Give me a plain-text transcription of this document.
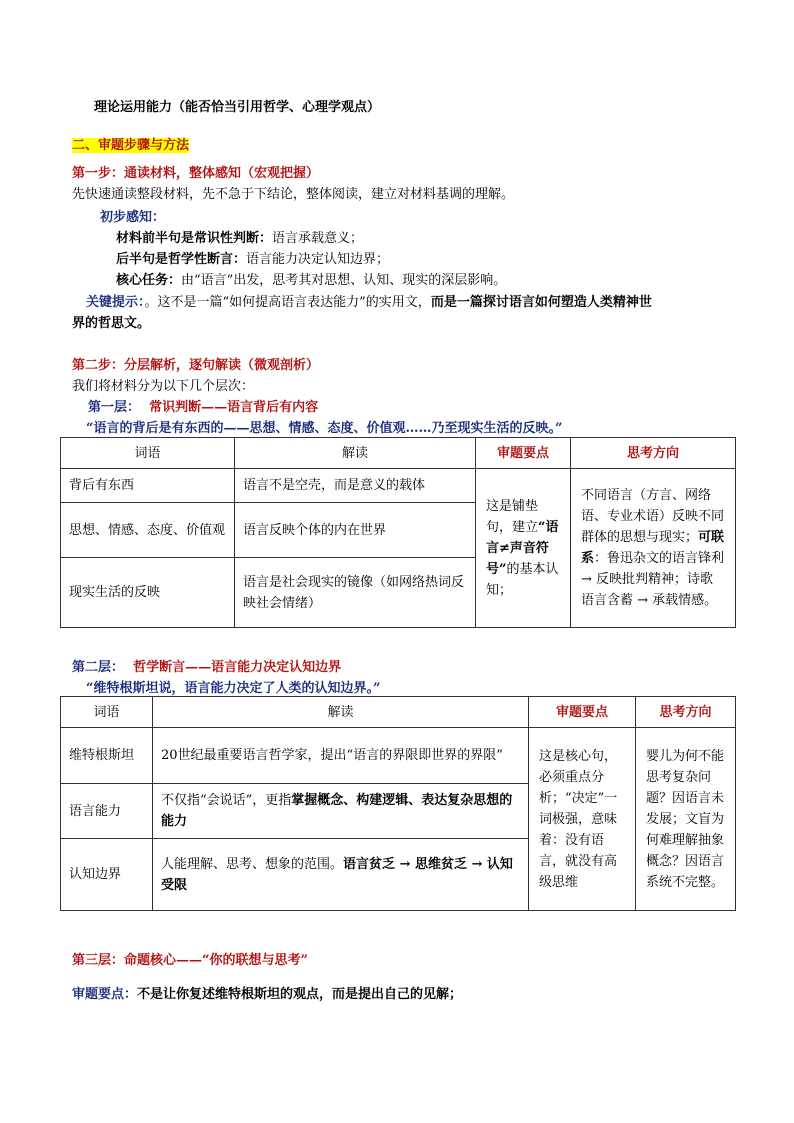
理论运用能力（能否恰当引用哲学、心理学观点）
二、审题步骤与方法
第一步：通读材料，整体感知（宏观把握）
先快速通读整段材料，先不急于下结论，整体阅读，建立对材料基调的理解。
初步感知：
材料前半句是常识性判断：语言承载意义；
后半句是哲学性断言：语言能力决定认知边界；
核心任务：由“语言”出发，思考其对思想、认知、现实的深层影响。
关键提示：。这不是一篇“如何提高语言表达能力”的实用文，而是一篇探讨语言如何塑造人类精神世
界的哲思文。
第二步：分层解析，逐句解读（微观剖析）
我们将材料分为以下几个层次：
第一层： 常识判断——语言背后有内容
“语言的背后是有东西的——思想、情感、态度、价值观……乃至现实生活的反映。”
词语	解读	审题要点	思考方向
背后有东西	语言不是空壳，而是意义的载体	这是铺垫句，建立“语言≠声音符号”的基本认知；	不同语言（方言、网络语、专业术语）反映不同群体的思想与现实；可联系：鲁迅杂文的语言锋利 → 反映批判精神；诗歌语言含蓄 → 承载情感。
思想、情感、态度、价值观	语言反映个体的内在世界		
现实生活的反映	语言是社会现实的镜像（如网络热词反映社会情绪）		
第二层： 哲学断言——语言能力决定认知边界
“维特根斯坦说，语言能力决定了人类的认知边界。”
词语	解读	审题要点	思考方向
维特根斯坦	20世纪最重要语言哲学家，提出“语言的界限即世界的界限”	这是核心句，必须重点分析；“决定”一词极强，意味着：没有语言，就没有高级思维	婴儿为何不能思考复杂问题？因语言未发展；文盲为何难理解抽象概念？因语言系统不完整。
语言能力	不仅指“会说话”，更指掌握概念、构建逻辑、表达复杂思想的能力		
认知边界	人能理解、思考、想象的范围。语言贫乏 → 思维贫乏 → 认知受限		
第三层：命题核心——“你的联想与思考”
审题要点：不是让你复述维特根斯坦的观点，而是提出自己的见解；
